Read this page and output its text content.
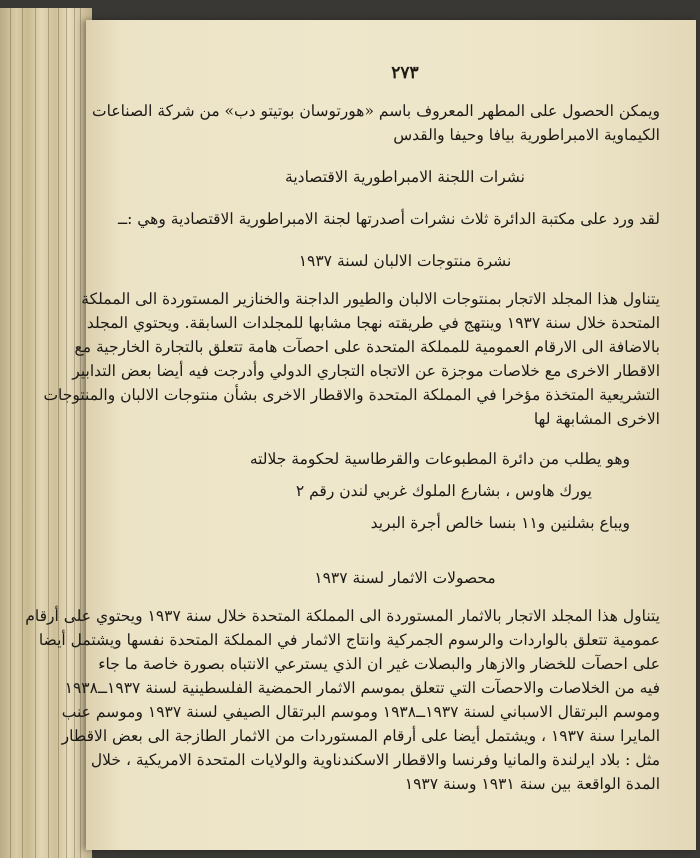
٢٧٣
ويمكن الحصول على المطهر المعروف باسم «هورتوسان بوتيتو دب» من شركة الصناعات
الكيماوية الامبراطورية بيافا وحيفا والقدس
نشرات اللجنة الامبراطورية الاقتصادية
لقد ورد على مكتبة الدائرة ثلاث نشرات أصدرتها لجنة الامبراطورية الاقتصادية وهي :ــ
نشرة منتوجات الالبان لسنة ١٩٣٧
يتناول هذا المجلد الاتجار بمنتوجات الالبان والطيور الداجنة والخنازير المستوردة الى المملكة
المتحدة خلال سنة ١٩٣٧ وينتهج في طريقته نهجا مشابها للمجلدات السابقة. ويحتوي المجلد
بالاضافة الى الارقام العمومية للمملكة المتحدة على احصآت هامة تتعلق بالتجارة الخارجية مع
الاقطار الاخرى مع خلاصات موجزة عن الاتجاه التجاري الدولي وأدرجت فيه أيضا بعض التدابير
التشريعية المتخذة مؤخرا في المملكة المتحدة والاقطار الاخرى بشأن منتوجات الالبان والمنتوجات
الاخرى المشابهة لها
وهو يطلب من دائرة المطبوعات والقرطاسية لحكومة جلالته
يورك هاوس ، بشارع الملوك غربي لندن رقم ٢
ويباع بشلنين و١١ بنسا خالص أجرة البريد
محصولات الاثمار لسنة ١٩٣٧
يتناول هذا المجلد الاتجار بالاثمار المستوردة الى المملكة المتحدة خلال سنة ١٩٣٧ ويحتوي على أرقام
عمومية تتعلق بالواردات والرسوم الجمركية وانتاج الاثمار في المملكة المتحدة نفسها ويشتمل أيضا
على احصآت للخضار والازهار والبصلات غير ان الذي يسترعي الانتباه بصورة خاصة ما جاء
فيه من الخلاصات والاحصآت التي تتعلق بموسم الاثمار الحمضية الفلسطينية لسنة ١٩٣٧ــ١٩٣٨
وموسم البرتقال الاسباني لسنة ١٩٣٧ــ١٩٣٨ وموسم البرتقال الصيفي لسنة ١٩٣٧ وموسم عنب
المايرا سنة ١٩٣٧ ، ويشتمل أيضا على أرقام المستوردات من الاثمار الطازجة الى بعض الاقطار
مثل : بلاد ايرلندة والمانيا وفرنسا والاقطار الاسكندناوية والولايات المتحدة الامريكية ، خلال
المدة الواقعة بين سنة ١٩٣١ وسنة ١٩٣٧
